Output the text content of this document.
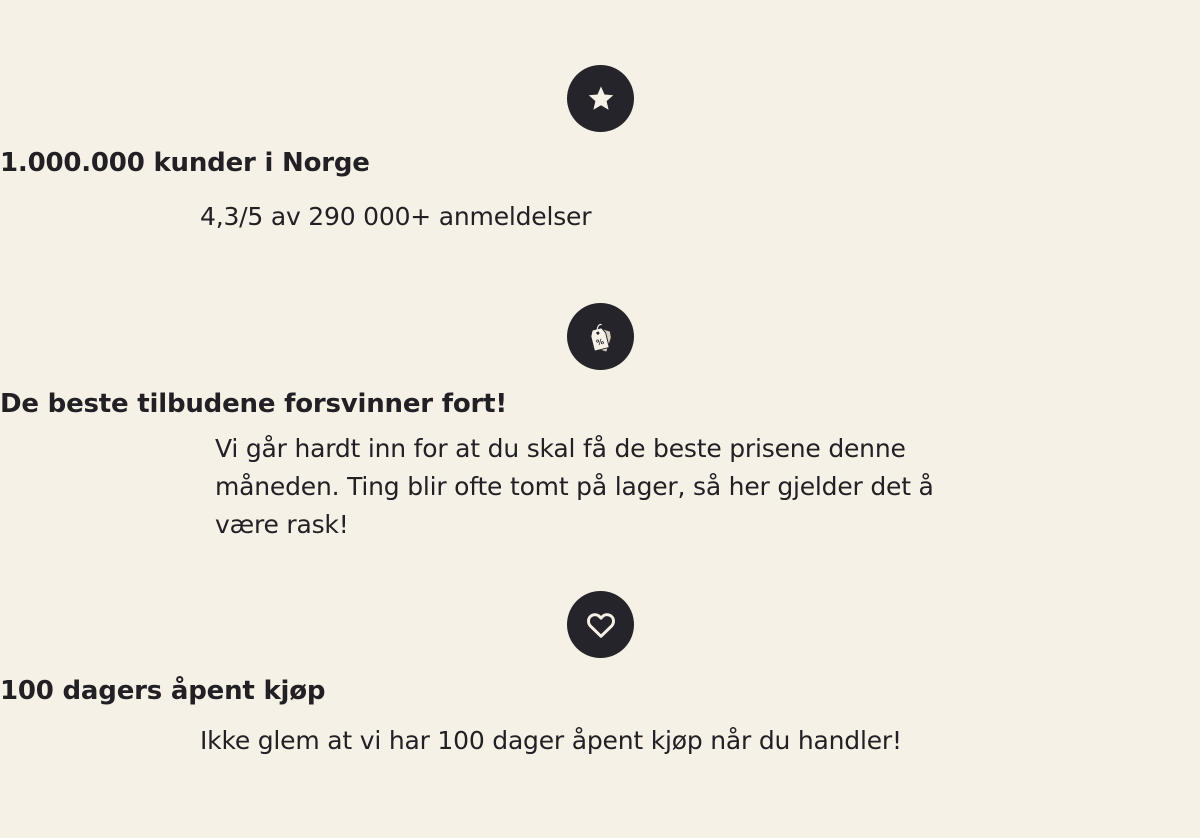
1.000.000 kunder i Norge

4,3/5 av 290 000+ anmeldelser

%
De beste tilbudene forsvinner fort!

Vi går hardt inn for at du skal få de beste prisene denne måneden. Ting blir ofte tomt på lager, så her gjelder det å være rask!

100 dagers åpent kjøp

Ikke glem at vi har 100 dager åpent kjøp når du handler!
